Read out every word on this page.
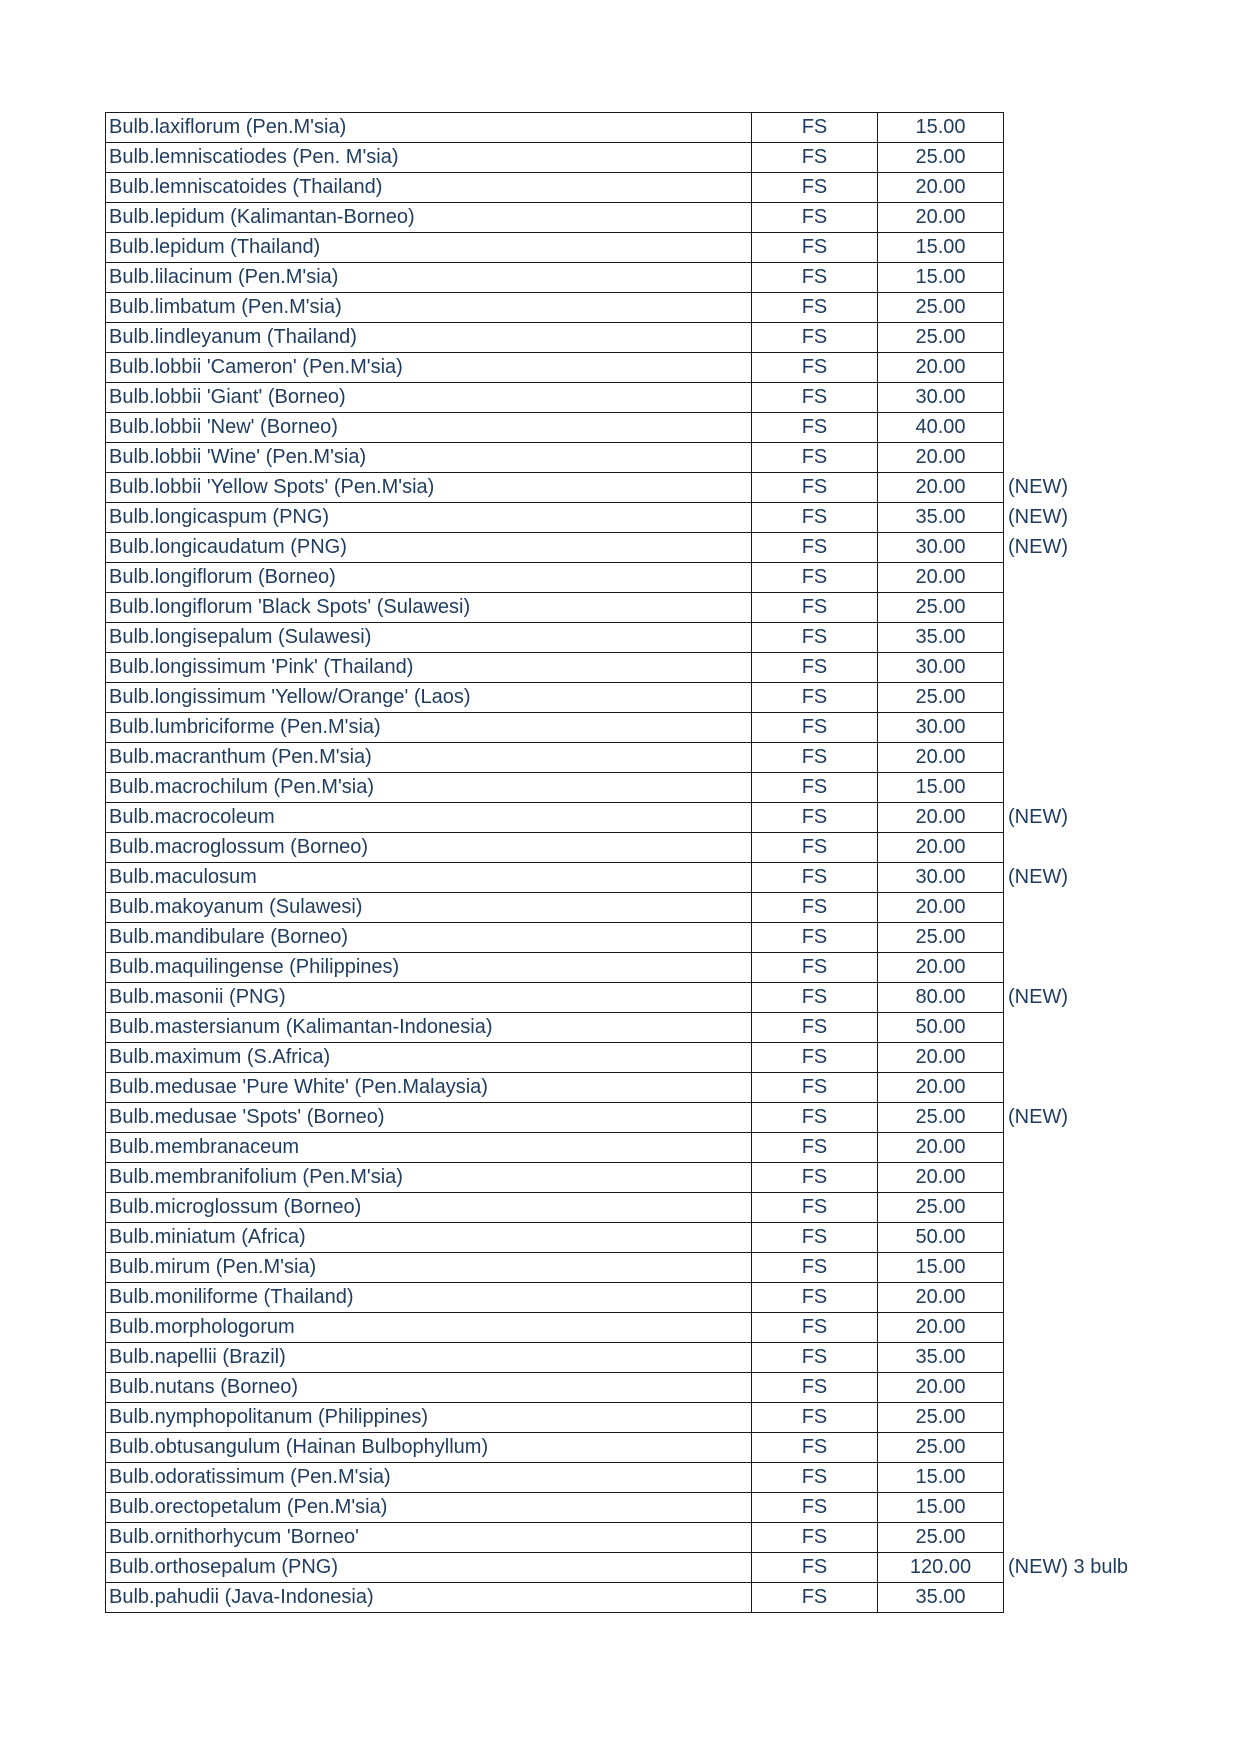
Bulb.laxiflorum (Pen.M'sia)	FS	15.00	
Bulb.lemniscatiodes (Pen. M'sia)	FS	25.00	
Bulb.lemniscatoides (Thailand)	FS	20.00	
Bulb.lepidum (Kalimantan-Borneo)	FS	20.00	
Bulb.lepidum (Thailand)	FS	15.00	
Bulb.lilacinum (Pen.M'sia)	FS	15.00	
Bulb.limbatum (Pen.M'sia)	FS	25.00	
Bulb.lindleyanum (Thailand)	FS	25.00	
Bulb.lobbii 'Cameron' (Pen.M'sia)	FS	20.00	
Bulb.lobbii 'Giant' (Borneo)	FS	30.00	
Bulb.lobbii 'New' (Borneo)	FS	40.00	
Bulb.lobbii 'Wine' (Pen.M'sia)	FS	20.00	
Bulb.lobbii 'Yellow Spots' (Pen.M'sia)	FS	20.00	(NEW)
Bulb.longicaspum (PNG)	FS	35.00	(NEW)
Bulb.longicaudatum (PNG)	FS	30.00	(NEW)
Bulb.longiflorum (Borneo)	FS	20.00	
Bulb.longiflorum 'Black Spots' (Sulawesi)	FS	25.00	
Bulb.longisepalum (Sulawesi)	FS	35.00	
Bulb.longissimum 'Pink' (Thailand)	FS	30.00	
Bulb.longissimum 'Yellow/Orange' (Laos)	FS	25.00	
Bulb.lumbriciforme (Pen.M'sia)	FS	30.00	
Bulb.macranthum (Pen.M'sia)	FS	20.00	
Bulb.macrochilum (Pen.M'sia)	FS	15.00	
Bulb.macrocoleum	FS	20.00	(NEW)
Bulb.macroglossum (Borneo)	FS	20.00	
Bulb.maculosum	FS	30.00	(NEW)
Bulb.makoyanum (Sulawesi)	FS	20.00	
Bulb.mandibulare (Borneo)	FS	25.00	
Bulb.maquilingense (Philippines)	FS	20.00	
Bulb.masonii (PNG)	FS	80.00	(NEW)
Bulb.mastersianum (Kalimantan-Indonesia)	FS	50.00	
Bulb.maximum (S.Africa)	FS	20.00	
Bulb.medusae 'Pure White' (Pen.Malaysia)	FS	20.00	
Bulb.medusae 'Spots' (Borneo)	FS	25.00	(NEW)
Bulb.membranaceum	FS	20.00	
Bulb.membranifolium (Pen.M'sia)	FS	20.00	
Bulb.microglossum (Borneo)	FS	25.00	
Bulb.miniatum (Africa)	FS	50.00	
Bulb.mirum (Pen.M'sia)	FS	15.00	
Bulb.moniliforme (Thailand)	FS	20.00	
Bulb.morphologorum	FS	20.00	
Bulb.napellii (Brazil)	FS	35.00	
Bulb.nutans (Borneo)	FS	20.00	
Bulb.nymphopolitanum (Philippines)	FS	25.00	
Bulb.obtusangulum (Hainan Bulbophyllum)	FS	25.00	
Bulb.odoratissimum (Pen.M'sia)	FS	15.00	
Bulb.orectopetalum (Pen.M'sia)	FS	15.00	
Bulb.ornithorhycum 'Borneo'	FS	25.00	
Bulb.orthosepalum (PNG)	FS	120.00	(NEW) 3 bulb
Bulb.pahudii (Java-Indonesia)	FS	35.00	
